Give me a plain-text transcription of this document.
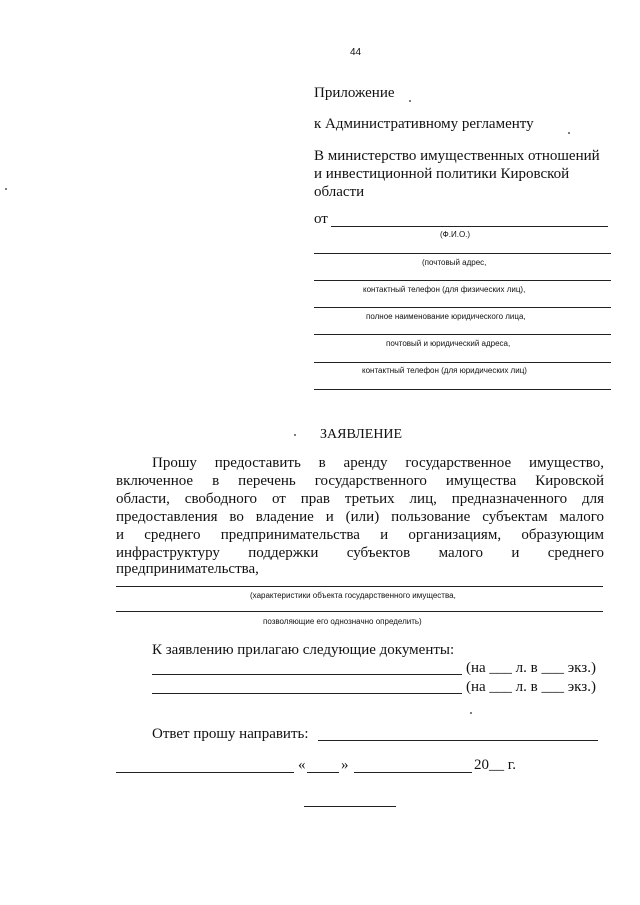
44
Приложение
к Административному регламенту
В министерство имущественных отношений
и инвестиционной политики Кировской
области
от
(Ф.И.О.)
(почтовый адрес,
контактный телефон (для физических лиц),
полное наименование юридического лица,
почтовый и юридический адреса,
контактный телефон (для юридических лиц)
ЗАЯВЛЕНИЕ
Прошу предоставить в аренду государственное имущество,
включенное в перечень государственного имущества Кировской
области, свободного от прав третьих лиц, предназначенного для
предоставления во владение и (или) пользование субъектам малого
и среднего предпринимательства и организациям, образующим
инфраструктуру поддержки субъектов малого и среднего
предпринимательства,
(характеристики объекта государственного имущества,
позволяющие его однозначно определить)
К заявлению прилагаю следующие документы:
(на ___ л. в ___ экз.)
(на ___ л. в ___ экз.)
Ответ прошу направить:
« »	20__ г.
